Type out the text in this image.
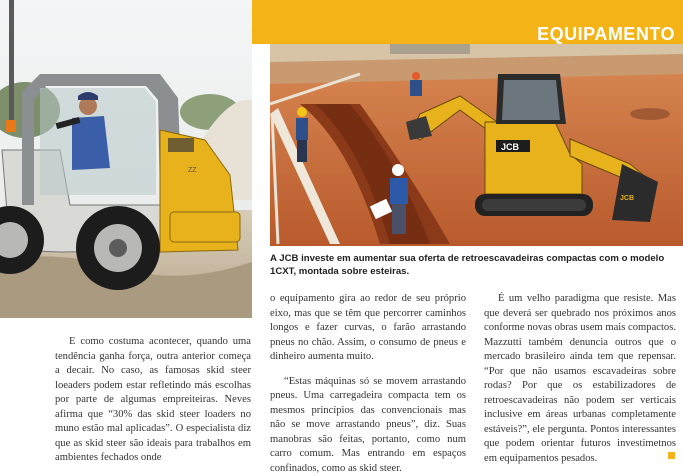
ZZ
EQUIPAMENTO
JCB
JCB
A JCB investe em aumentar sua oferta de retroescavadeiras compactas com o modelo 1CXT, montada sobre esteiras.

E como costuma acontecer, quando uma tendência ganha força, outra anterior começa a decair. No caso, as famosas skid steer loeaders podem estar refletindo más escolhas por parte de algumas empreiteiras. Neves afirma que “30% das skid steer loaders no muno estão mal aplicadas”. O especialista diz que as skid steer são ideais para trabalhos em ambientes fechados onde

o equipamento gira ao redor de seu próprio eixo, mas que se têm que percorrer caminhos longos e fazer curvas, o farão arrastando pneus no chão. Assim, o consumo de pneus e dinheiro aumenta muito.

“Estas máquinas só se movem arrastando pneus. Uma carregadeira compacta tem os mesmos princípios das convencionais mas não se move arrastando pneus”, diz. Suas manobras são feitas, portanto, como num carro comum. Mas entrando em espaços confinados, como as skid steer.

É um velho paradigma que resiste. Mas que deverá ser quebrado nos próximos anos conforme novas obras usem mais compactos. Mazzutti também denuncia outros que o mercado brasileiro ainda tem que repensar. “Por que não usamos escavadeiras sobre rodas? Por que os estabilizadores de retroescavadeiras não podem ser verticais inclusive em áreas urbanas completamente estáveis?”, ele pergunta. Pontos interessantes que podem orientar futuros investimetnos em equipamentos pesados.
